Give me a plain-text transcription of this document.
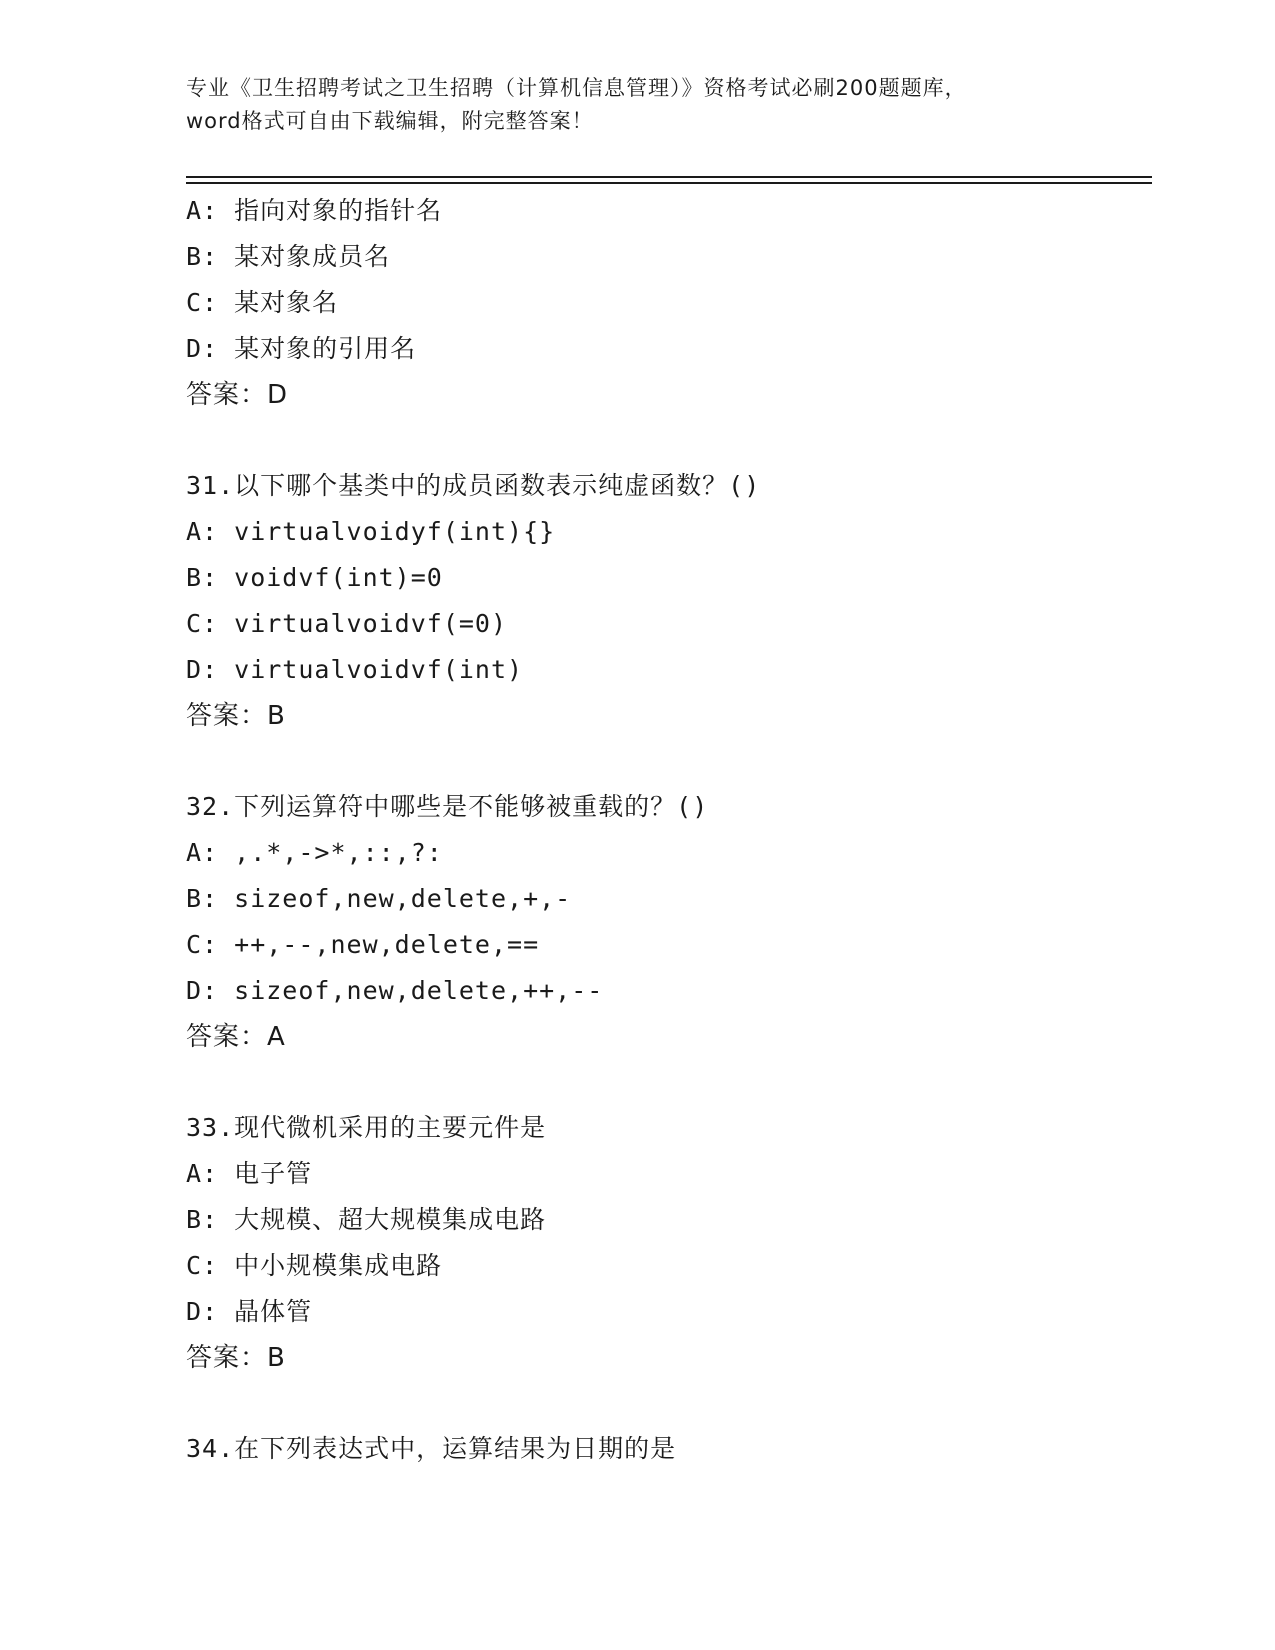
专业《卫生招聘考试之卫生招聘（计算机信息管理）》资格考试必刷200题题库，
word格式可自由下载编辑，附完整答案！
A: 指向对象的指针名
B: 某对象成员名
C: 某对象名
D: 某对象的引用名
答案：D
31.以下哪个基类中的成员函数表示纯虚函数？()
A: virtualvoidyf(int){}
B: voidvf(int)=0
C: virtualvoidvf(=0)
D: virtualvoidvf(int)
答案：B
32.下列运算符中哪些是不能够被重载的？()
A: ,.*,->*,::,?:
B: sizeof,new,delete,+,-
C: ++,--,new,delete,==
D: sizeof,new,delete,++,--
答案：A
33.现代微机采用的主要元件是
A: 电子管
B: 大规模、超大规模集成电路
C: 中小规模集成电路
D: 晶体管
答案：B
34.在下列表达式中，运算结果为日期的是
